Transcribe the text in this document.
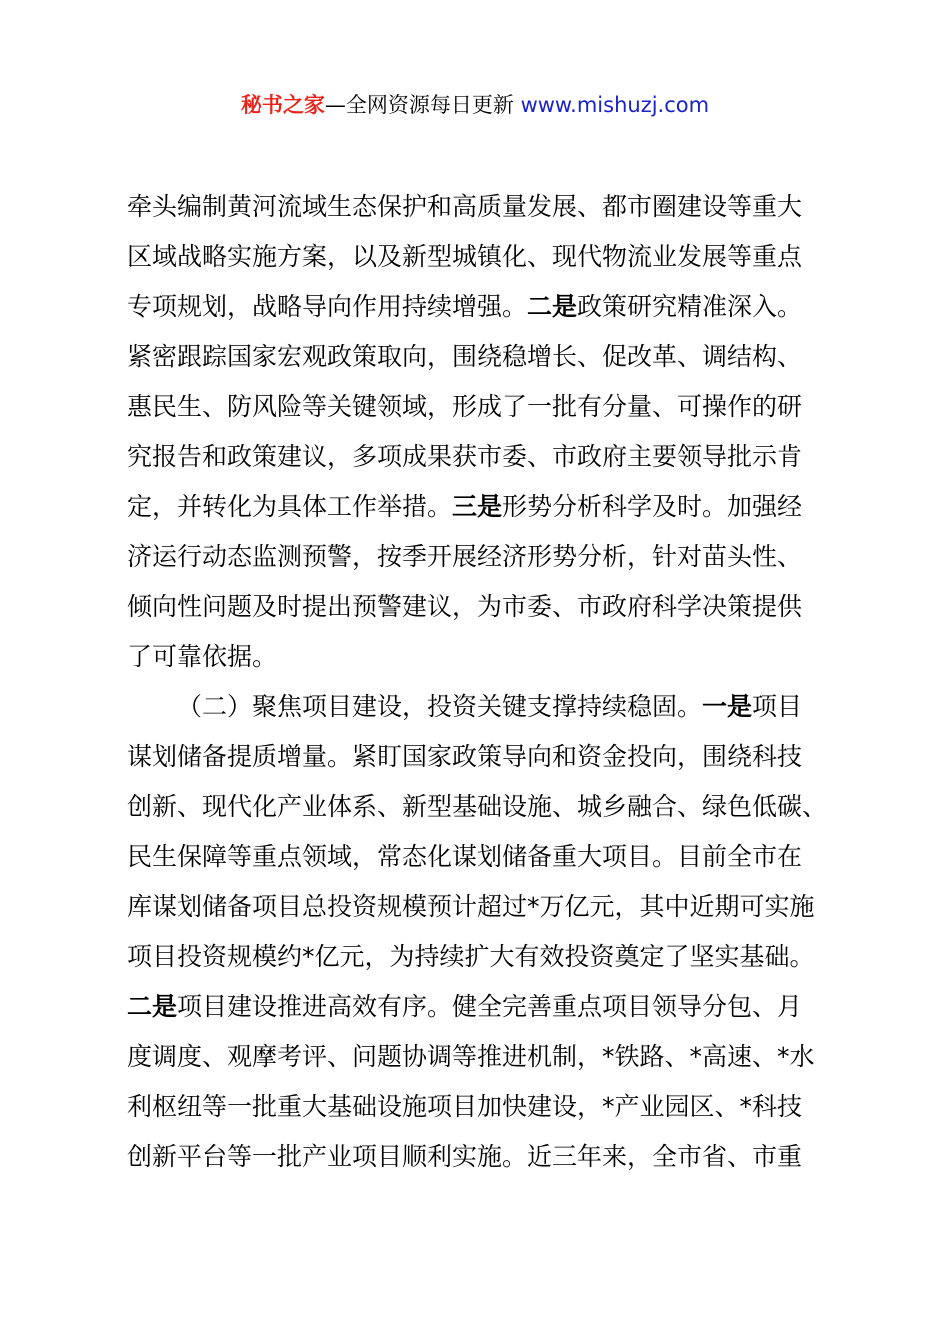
秘书之家—全网资源每日更新 www.mishuzj.com
牵头编制黄河流域生态保护和高质量发展、都市圈建设等重大
区域战略实施方案，以及新型城镇化、现代物流业发展等重点
专项规划，战略导向作用持续增强。二是政策研究精准深入。
紧密跟踪国家宏观政策取向，围绕稳增长、促改革、调结构、
惠民生、防风险等关键领域，形成了一批有分量、可操作的研
究报告和政策建议，多项成果获市委、市政府主要领导批示肯
定，并转化为具体工作举措。三是形势分析科学及时。加强经
济运行动态监测预警，按季开展经济形势分析，针对苗头性、
倾向性问题及时提出预警建议，为市委、市政府科学决策提供
了可靠依据。
（二）聚焦项目建设，投资关键支撑持续稳固。一是项目
谋划储备提质增量。紧盯国家政策导向和资金投向，围绕科技
创新、现代化产业体系、新型基础设施、城乡融合、绿色低碳、
民生保障等重点领域，常态化谋划储备重大项目。目前全市在
库谋划储备项目总投资规模预计超过*万亿元，其中近期可实施
项目投资规模约*亿元，为持续扩大有效投资奠定了坚实基础。
二是项目建设推进高效有序。健全完善重点项目领导分包、月
度调度、观摩考评、问题协调等推进机制，*铁路、*高速、*水
利枢纽等一批重大基础设施项目加快建设，*产业园区、*科技
创新平台等一批产业项目顺利实施。近三年来，全市省、市重
